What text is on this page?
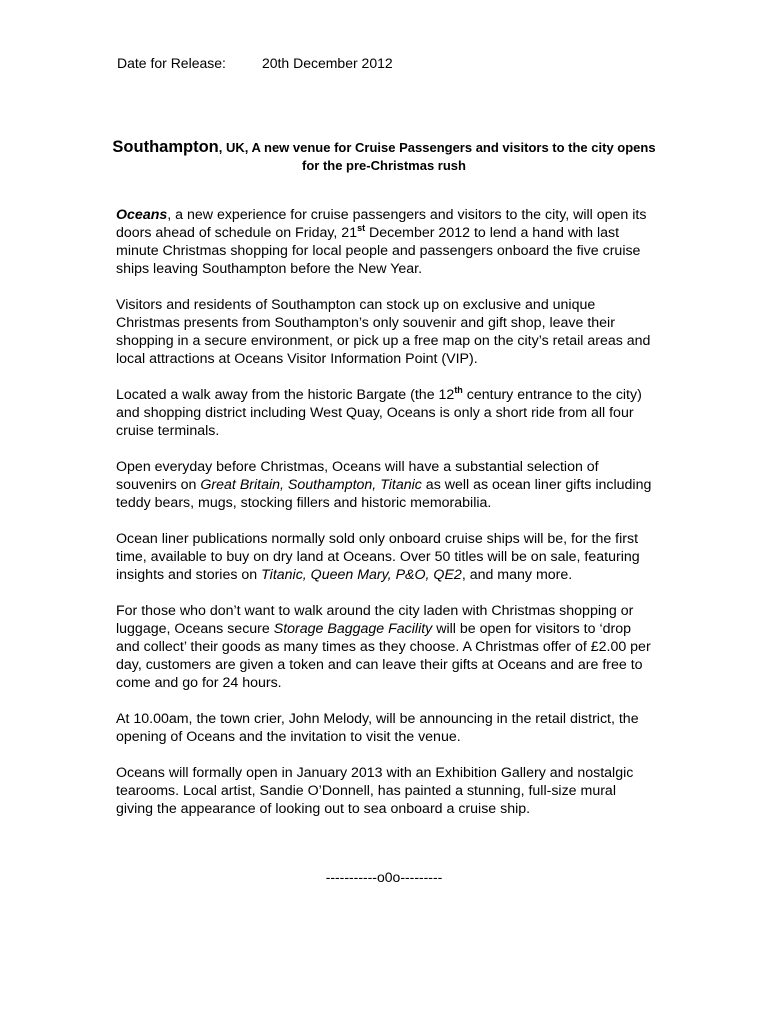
Date for Release:	20th December 2012
Southampton, UK, A new venue for Cruise Passengers and visitors to the city opens for the pre-Christmas rush

Oceans, a new experience for cruise passengers and visitors to the city, will open its doors ahead of schedule on Friday, 21st December 2012 to lend a hand with last minute Christmas shopping for local people and passengers onboard the five cruise ships leaving Southampton before the New Year.

Visitors and residents of Southampton can stock up on exclusive and unique Christmas presents from Southampton’s only souvenir and gift shop, leave their shopping in a secure environment, or pick up a free map on the city’s retail areas and local attractions at Oceans Visitor Information Point (VIP).

Located a walk away from the historic Bargate (the 12th century entrance to the city) and shopping district including West Quay, Oceans is only a short ride from all four cruise terminals.

Open everyday before Christmas, Oceans will have a substantial selection of souvenirs on Great Britain, Southampton, Titanic as well as ocean liner gifts including teddy bears, mugs, stocking fillers and historic memorabilia.

Ocean liner publications normally sold only onboard cruise ships will be, for the first time, available to buy on dry land at Oceans. Over 50 titles will be on sale, featuring insights and stories on Titanic, Queen Mary, P&O, QE2, and many more.

For those who don’t want to walk around the city laden with Christmas shopping or luggage, Oceans secure Storage Baggage Facility will be open for visitors to ‘drop and collect’ their goods as many times as they choose. A Christmas offer of £2.00 per day, customers are given a token and can leave their gifts at Oceans and are free to come and go for 24 hours.

At 10.00am, the town crier, John Melody, will be announcing in the retail district, the opening of Oceans and the invitation to visit the venue.

Oceans will formally open in January 2013 with an Exhibition Gallery and nostalgic tearooms. Local artist, Sandie O’Donnell, has painted a stunning, full-size mural giving the appearance of looking out to sea onboard a cruise ship.

-----------o0o---------
